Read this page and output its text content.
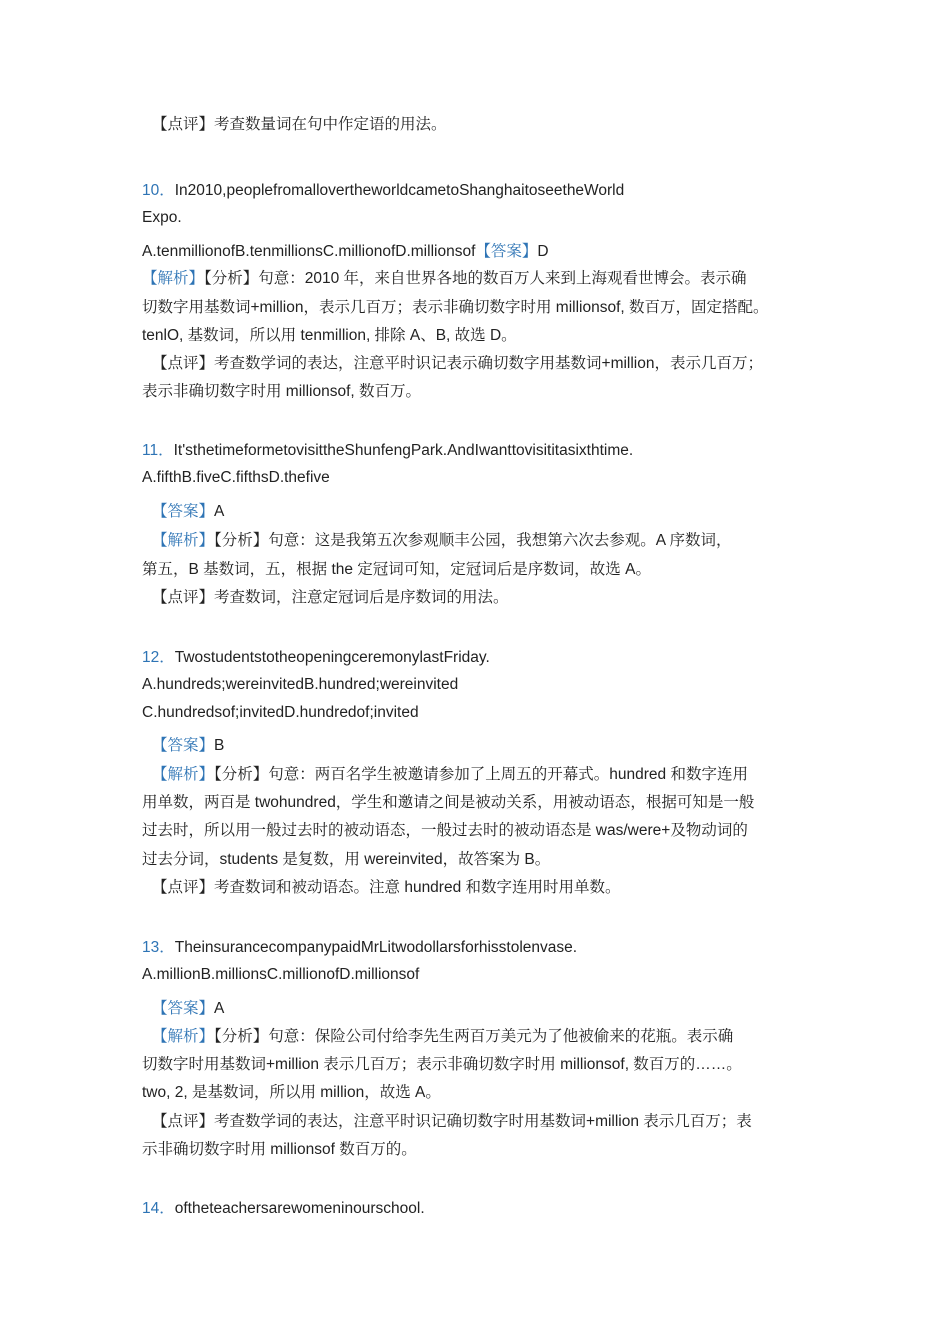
【点评】考查数量词在句中作定语的用法。
10．In2010,peoplefromallovertheworldcametoShanghaitoseetheWorld
Expo.
A.tenmillionofB.tenmillionsC.millionofD.millionsof【答案】D
【解析】【分析】句意：2010 年，来自世界各地的数百万人来到上海观看世博会。表示确
切数字用基数词+million，表示几百万；表示非确切数字时用 millionsof, 数百万，固定搭配。
tenlO, 基数词，所以用 tenmillion, 排除 A、B, 故选 D。
【点评】考查数学词的表达，注意平时识记表示确切数字用基数词+million，表示几百万；
表示非确切数字时用 millionsof, 数百万。
11．It'sthetimeformetovisittheShunfengPark.AndIwanttovisititasixthtime.
A.fifthB.fiveC.fifthsD.thefive
【答案】A
【解析】【分析】句意：这是我第五次参观顺丰公园，我想第六次去参观。A 序数词，
第五，B 基数词，五，根据 the 定冠词可知，定冠词后是序数词，故选 A。
【点评】考查数词，注意定冠词后是序数词的用法。
12．TwostudentstotheopeningceremonylastFriday.
A.hundreds;wereinvitedB.hundred;wereinvited
C.hundredsof;invitedD.hundredof;invited
【答案】B
【解析】【分析】句意：两百名学生被邀请参加了上周五的开幕式。hundred 和数字连用
用单数，两百是 twohundred，学生和邀请之间是被动关系，用被动语态，根据可知是一般
过去时，所以用一般过去时的被动语态，一般过去时的被动语态是 was/were+及物动词的
过去分词，students 是复数，用 wereinvited，故答案为 B。
【点评】考查数词和被动语态。注意 hundred 和数字连用时用单数。
13．TheinsurancecompanypaidMrLitwodollarsforhisstolenvase.
A.millionB.millionsC.millionofD.millionsof
【答案】A
【解析】【分析】句意：保险公司付给李先生两百万美元为了他被偷来的花瓶。表示确
切数字时用基数词+million 表示几百万；表示非确切数字时用 millionsof, 数百万的……。
two, 2, 是基数词，所以用 million，故选 A。
【点评】考查数学词的表达，注意平时识记确切数字时用基数词+million 表示几百万；表
示非确切数字时用 millionsof 数百万的。
14．oftheteachersarewomeninourschool.
